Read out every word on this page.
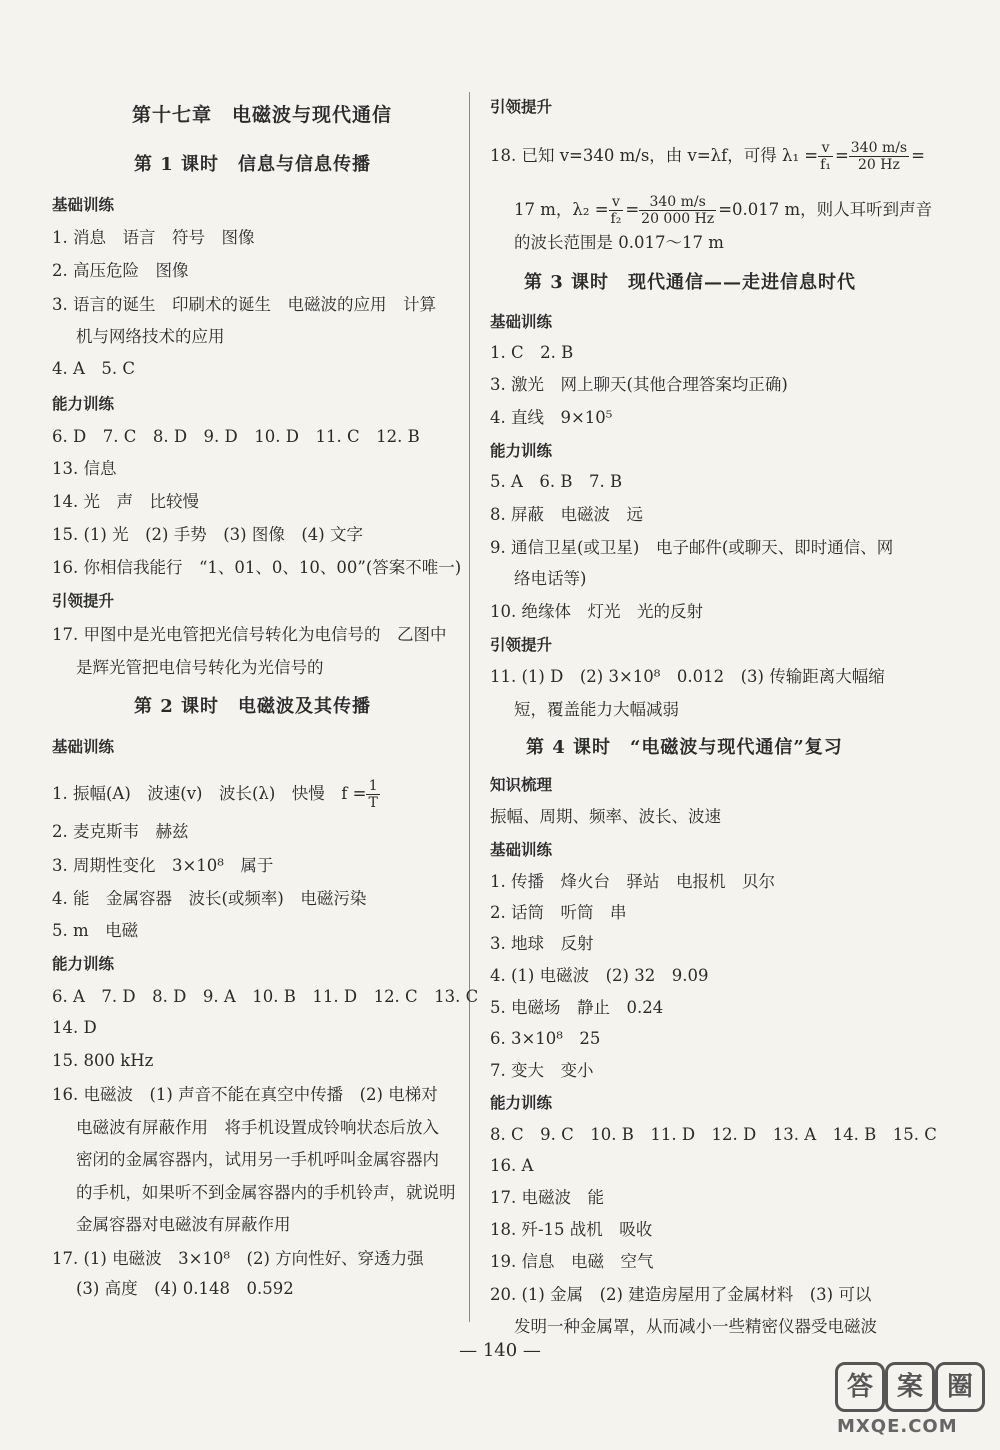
第十七章　电磁波与现代通信
第 1 课时　信息与信息传播
基础训练
1. 消息　语言　符号　图像
2. 高压危险　图像
3. 语言的诞生　印刷术的诞生　电磁波的应用　计算
机与网络技术的应用
4. A　5. C
能力训练
6. D　7. C　8. D　9. D　10. D　11. C　12. B
13. 信息
14. 光　声　比较慢
15. (1) 光　(2) 手势　(3) 图像　(4) 文字
16. 你相信我能行　“1、01、0、10、00”(答案不唯一)
引领提升
17. 甲图中是光电管把光信号转化为电信号的　乙图中
是辉光管把电信号转化为光信号的
第 2 课时　电磁波及其传播
基础训练
1. 振幅(A)　波速(v)　波长(λ)　快慢　$f = \frac{1}{T}$
2. 麦克斯韦　赫兹
3. 周期性变化　3×10⁸　属于
4. 能　金属容器　波长(或频率)　电磁污染
5. m　电磁
能力训练
6. A　7. D　8. D　9. A　10. B　11. D　12. C　13. C
14. D
15. 800 kHz
16. 电磁波　(1) 声音不能在真空中传播　(2) 电梯对
电磁波有屏蔽作用　将手机设置成铃响状态后放入
密闭的金属容器内，试用另一手机呼叫金属容器内
的手机，如果听不到金属容器内的手机铃声，就说明
金属容器对电磁波有屏蔽作用
17. (1) 电磁波　3×10⁸　(2) 方向性好、穿透力强
(3) 高度　(4) 0.148　0.592
引领提升
18. 已知 v=340 m/s，由 v=λf，可得 $\lambda_1 = \frac{v}{\text{f₁}} = \frac{340 m/s}{20 Hz}$ =
17 m，$\lambda_2 = \frac{v}{\text{f₂}} = \frac{340 m/s}{20 000 Hz} =0.017$ m，则人耳听到声音
的波长范围是 0.017～17 m
第 3 课时　现代通信——走进信息时代
基础训练
1. C　2. B
3. 激光　网上聊天(其他合理答案均正确)
4. 直线　9×10⁵
能力训练
5. A　6. B　7. B
8. 屏蔽　电磁波　远
9. 通信卫星(或卫星)　电子邮件(或聊天、即时通信、网
络电话等)
10. 绝缘体　灯光　光的反射
引领提升
11. (1) D　(2) 3×10⁸　0.012　(3) 传输距离大幅缩
短，覆盖能力大幅减弱
第 4 课时　“电磁波与现代通信”复习
知识梳理
振幅、周期、频率、波长、波速
基础训练
1. 传播　烽火台　驿站　电报机　贝尔
2. 话筒　听筒　串
3. 地球　反射
4. (1) 电磁波　(2) 32　9.09
5. 电磁场　静止　0.24
6. 3×10⁸　25
7. 变大　变小
能力训练
8. C　9. C　10. B　11. D　12. D　13. A　14. B　15. C
16. A
17. 电磁波　能
18. 歼-15 战机　吸收
19. 信息　电磁　空气
20. (1) 金属　(2) 建造房屋用了金属材料　(3) 可以
发明一种金属罩，从而减小一些精密仪器受电磁波
— 140 —
答 案 圈
MXQE.COM
